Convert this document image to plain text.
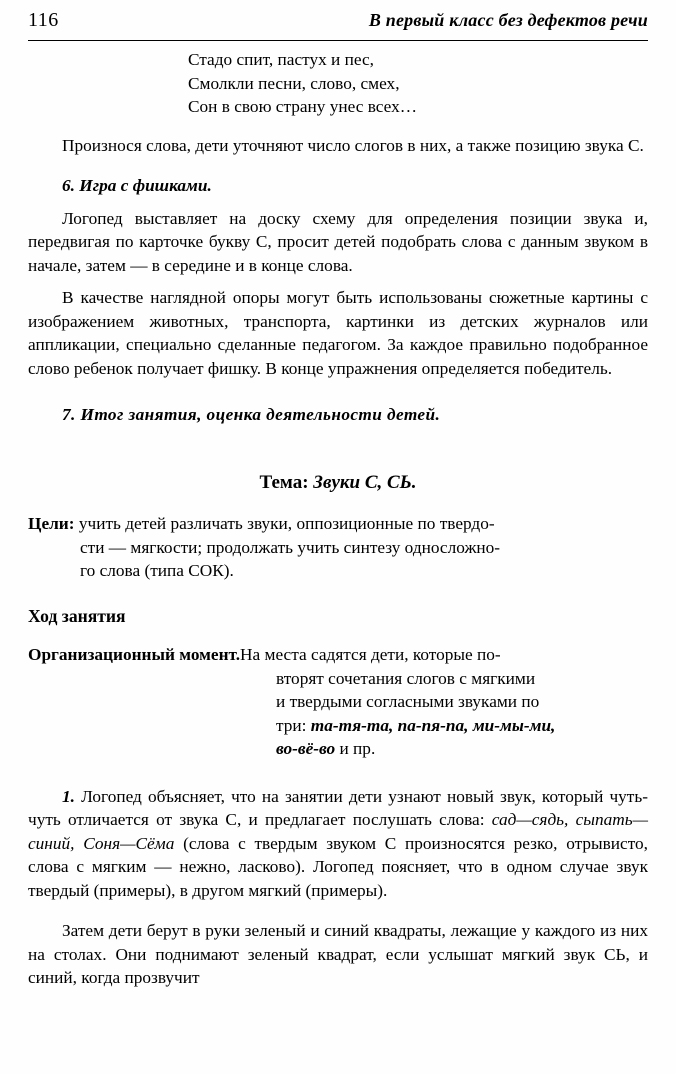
116	В первый класс без дефектов речи
Стадо спит, пастух и пес,
Смолкли песни, слово, смех,
Сон в свою страну унес всех…

Произнося слова, дети уточняют число слогов в них, а также позицию звука С.

6. Игра с фишками.

Логопед выставляет на доску схему для определения позиции звука и, передвигая по карточке букву С, просит детей подобрать слова с данным звуком в начале, затем — в середине и в конце слова.

В качестве наглядной опоры могут быть использованы сюжетные картины с изображением животных, транспорта, картинки из детских журналов или аппликации, специально сделанные педагогом. За каждое правильно подобранное слово ребенок получает фишку. В конце упражнения определяется победитель.

7. Итог занятия, оценка деятельности детей.
Тема: Звуки С, СЬ.
Цели: учить детей различать звуки, оппозиционные по твердо-
сти — мягкости; продолжать учить синтезу односложно-
го слова (типа СОК).
Ход занятия
Организационный момент.На места садятся дети, которые по-
вторят сочетания слогов с мягкими
и твердыми согласными звуками по
три: та-тя-та, па-пя-па, ми-мы-ми,
во-вё-во и пр.

1. Логопед объясняет, что на занятии дети узнают новый звук, который чуть-чуть отличается от звука С, и предлагает послушать слова: сад—сядь, сыпать—синий, Соня—Сёма (слова с твердым звуком С произносятся резко, отрывисто, слова с мягким — нежно, ласково). Логопед поясняет, что в одном случае звук твердый (примеры), в другом мягкий (примеры).

Затем дети берут в руки зеленый и синий квадраты, лежащие у каждого из них на столах. Они поднимают зеленый квадрат, если услышат мягкий звук СЬ, и синий, когда прозвучит
